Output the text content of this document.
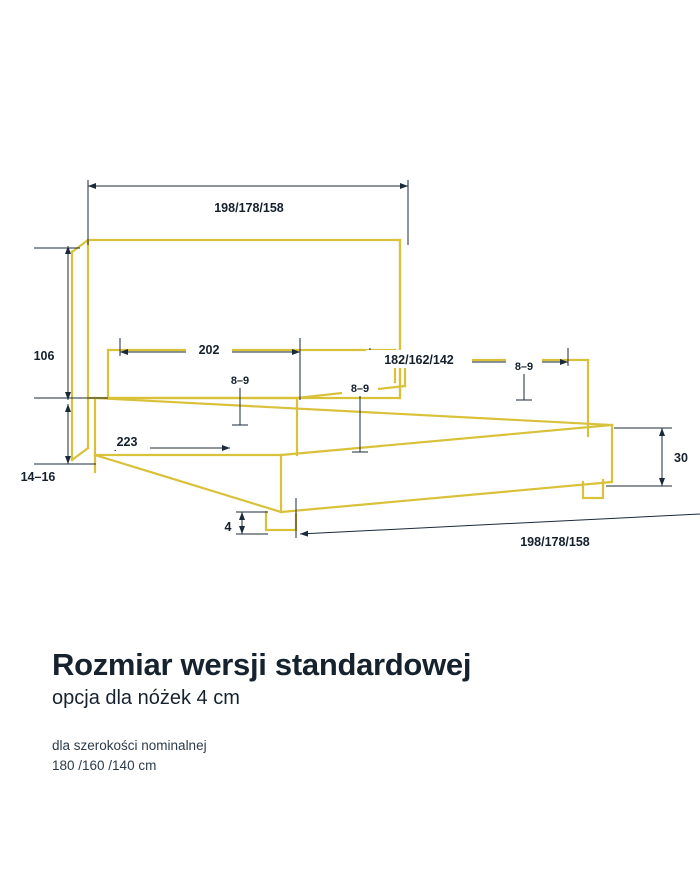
198/178/158
106	202
182/162/142
8–9
8–9
8–9
223
14–16
30
4
198/178/158
Rozmiar wersji standardowej
opcja dla nóżek 4 cm
dla szerokości nominalnej
180 /160 /140 cm
